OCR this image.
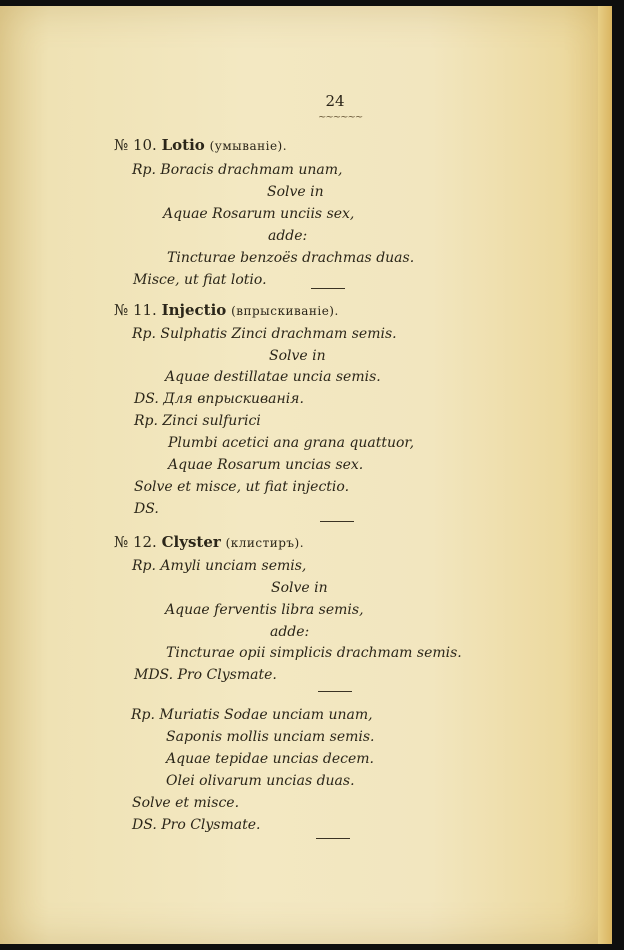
24
~~~~~~
№ 10. Lotio (умываніе).
Rp. Boracis drachmam unam,
Solve in
Aquae Rosarum unciis sex,
adde:
Tincturae benzoës drachmas duas.
Misce, ut fiat lotio.
№ 11. Injectio (впрыскиваніе).
Rp. Sulphatis Zinci drachmam semis.
Solve in
Aquae destillatae uncia semis.
DS. Для впрыскиванія.
Rp. Zinci sulfurici
Plumbi acetici ana grana quattuor,
Aquae Rosarum uncias sex.
Solve et misce, ut fiat injectio.
DS.
№ 12. Clyster (клистиръ).
Rp. Amyli unciam semis,
Solve in
Aquae ferventis libra semis,
adde:
Tincturae opii simplicis drachmam semis.
MDS. Pro Clysmate.
Rp. Muriatis Sodae unciam unam,
Saponis mollis unciam semis.
Aquae tepidae uncias decem.
Olei olivarum uncias duas.
Solve et misce.
DS. Pro Clysmate.
